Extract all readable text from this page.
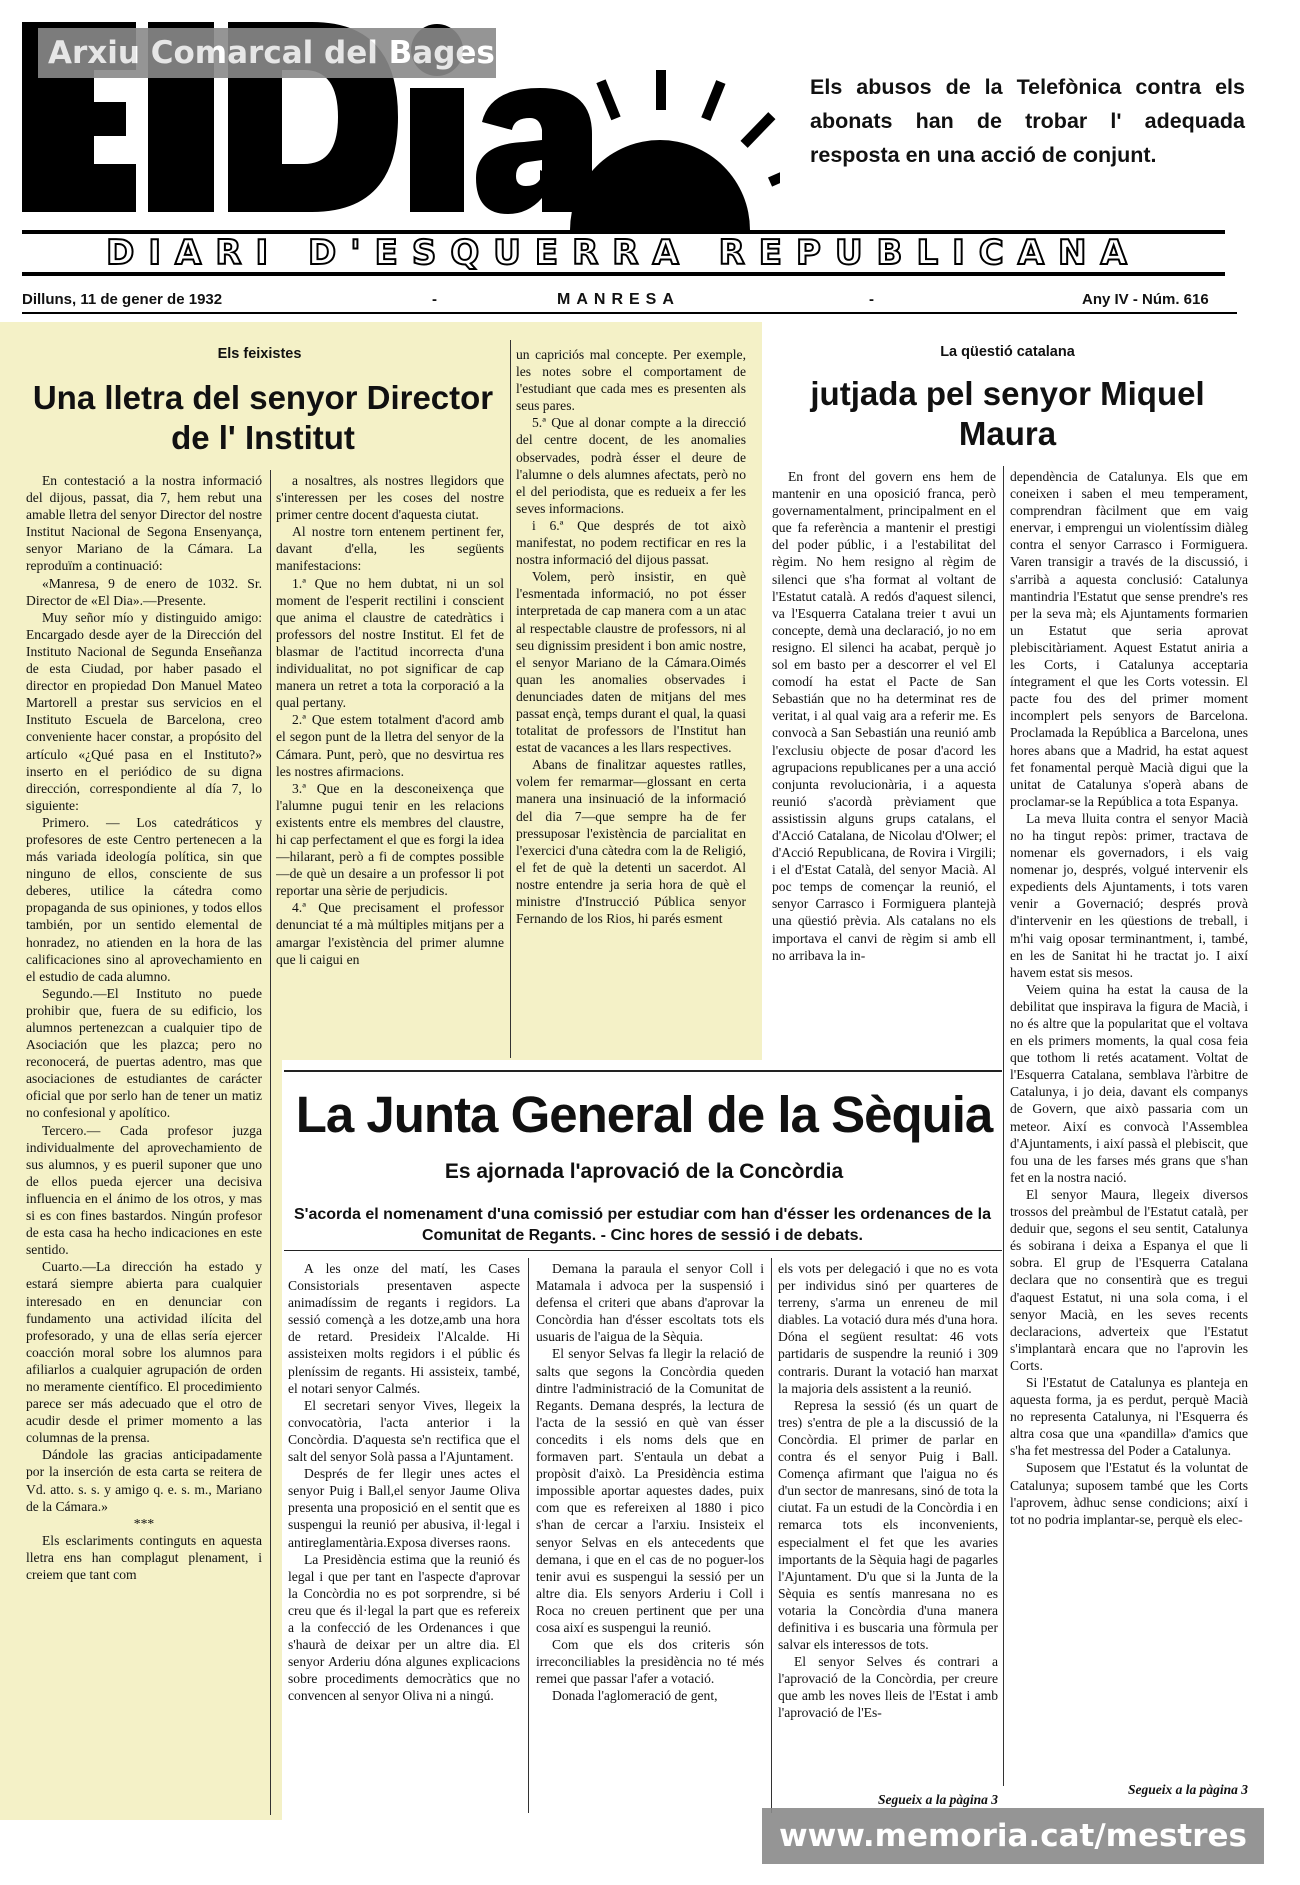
Els abusos de la Telefònica contra els abonats han de trobar l' adequada resposta en una acció de conjunt.
DIARI D'ESQUERRA REPUBLICANA
Dilluns, 11 de gener de 1932	-	MANRESA	-	Any IV - Núm. 616
Els feixistes
Una lletra del senyor Director de l' Institut

En contestació a la nostra informació del dijous, passat, dia 7, hem rebut una amable lletra del senyor Director del nostre Institut Nacional de Segona Ensenyança, senyor Mariano de la Cámara. La reproduïm a continuació:

«Manresa, 9 de enero de 1032. Sr. Director de «El Dia».—Presente.

Muy señor mío y distinguido amigo: Encargado desde ayer de la Dirección del Instituto Nacional de Segunda Enseñanza de esta Ciudad, por haber pasado el director en propiedad Don Manuel Mateo Martorell a prestar sus servicios en el Instituto Escuela de Barcelona, creo conveniente hacer constar, a propósito del artículo «¿Qué pasa en el Instituto?» inserto en el periódico de su digna dirección, correspondiente al día 7, lo siguiente:

Primero. — Los catedráticos y profesores de este Centro pertenecen a la más variada ideología política, sin que ninguno de ellos, consciente de sus deberes, utilice la cátedra como propaganda de sus opiniones, y todos ellos también, por un sentido elemental de honradez, no atienden en la hora de las calificaciones sino al aprovechamiento en el estudio de cada alumno.

Segundo.—El Instituto no puede prohibir que, fuera de su edificio, los alumnos pertenezcan a cualquier tipo de Asociación que les plazca; pero no reconocerá, de puertas adentro, mas que asociaciones de estudiantes de carácter oficial que por serlo han de tener un matiz no confesional y apolítico.

Tercero.— Cada profesor juzga individualmente del aprovechamiento de sus alumnos, y es pueril suponer que uno de ellos pueda ejercer una decisiva influencia en el ánimo de los otros, y mas si es con fines bastardos. Ningún profesor de esta casa ha hecho indicaciones en este sentido.

Cuarto.—La dirección ha estado y estará siempre abierta para cualquier interesado en en denunciar con fundamento una actividad ilícita del profesorado, y una de ellas sería ejercer coacción moral sobre los alumnos para afiliarlos a cualquier agrupación de orden no meramente científico. El procedimiento parece ser más adecuado que el otro de acudir desde el primer momento a las columnas de la prensa.

Dándole las gracias anticipadamente por la inserción de esta carta se reitera de Vd. atto. s. s. y amigo q. e. s. m., Mariano de la Cámara.»

***

Els esclariments continguts en aquesta lletra ens han complagut plenament, i creiem que tant com

a nosaltres, als nostres llegidors que s'interessen per les coses del nostre primer centre docent d'aquesta ciutat.

Al nostre torn entenem pertinent fer, davant d'ella, les següents manifestacions:

1.ª Que no hem dubtat, ni un sol moment de l'esperit rectilini i conscient que anima el claustre de catedràtics i professors del nostre Institut. El fet de blasmar de l'actitud incorrecta d'una individualitat, no pot significar de cap manera un retret a tota la corporació a la qual pertany.

2.ª Que estem totalment d'acord amb el segon punt de la lletra del senyor de la Cámara. Punt, però, que no desvirtua res les nostres afirmacions.

3.ª Que en la desconeixença que l'alumne pugui tenir en les relacions existents entre els membres del claustre, hi cap perfectament el que es forgi la idea—hilarant, però a fi de comptes possible—de què un desaire a un professor li pot reportar una sèrie de perjudicis.

4.ª Que precisament el professor denunciat té a mà múltiples mitjans per a amargar l'existència del primer alumne que li caigui en

un capriciós mal concepte. Per exemple, les notes sobre el comportament de l'estudiant que cada mes es presenten als seus pares.

5.ª Que al donar compte a la direcció del centre docent, de les anomalies observades, podrà ésser el deure de l'alumne o dels alumnes afectats, però no el del periodista, que es redueix a fer les seves informacions.

i 6.ª Que després de tot això manifestat, no podem rectificar en res la nostra informació del dijous passat.

Volem, però insistir, en què l'esmentada informació, no pot ésser interpretada de cap manera com a un atac al respectable claustre de professors, ni al seu dignissim president i bon amic nostre, el senyor Mariano de la Cámara.Oimés quan les anomalies observades i denunciades daten de mitjans del mes passat ençà, temps durant el qual, la quasi totalitat de professors de l'Institut han estat de vacances a les llars respectives.

Abans de finalitzar aquestes ratlles, volem fer remarmar—glossant en certa manera una insinuació de la informació del dia 7—que sempre ha de fer pressuposar l'existència de parcialitat en l'exercici d'una càtedra com la de Religió, el fet de què la detenti un sacerdot. Al nostre entendre ja seria hora de què el ministre d'Instrucció Pública senyor Fernando de los Rios, hi parés esment

La qüestió catalana
jutjada pel senyor Miquel Maura

En front del govern ens hem de mantenir en una oposició franca, però governamentalment, principalment en el que fa referència a mantenir el prestigi del poder públic, i a l'estabilitat del règim. No hem resigno al règim de silenci que s'ha format al voltant de l'Estatut català. A redós d'aquest silenci, va l'Esquerra Catalana treier t avui un concepte, demà una declaració, jo no em resigno. El silenci ha acabat, perquè jo sol em basto per a descorrer el vel El comodí ha estat el Pacte de San Sebastián que no ha determinat res de veritat, i al qual vaig ara a referir me. Es convocà a San Sebastián una reunió amb l'exclusiu objecte de posar d'acord les agrupacions republicanes per a una acció conjunta revolucionària, i a aquesta reunió s'acordà prèviament que assistissin alguns grups catalans, el d'Acció Catalana, de Nicolau d'Olwer; el d'Acció Republicana, de Rovira i Virgili; i el d'Estat Català, del senyor Macià. Al poc temps de començar la reunió, el senyor Carrasco i Formiguera plantejà una qüestió prèvia. Als catalans no els importava el canvi de règim si amb ell no arribava la in-

dependència de Catalunya. Els que em coneixen i saben el meu temperament, comprendran fàcilment que em vaig enervar, i emprengui un violentíssim diàleg contra el senyor Carrasco i Formiguera. Varen transigir a través de la discussió, i s'arribà a aquesta conclusió: Catalunya mantindria l'Estatut que sense prendre's res per la seva mà; els Ajuntaments formarien un Estatut que seria aprovat plebiscitàriament. Aquest Estatut aniria a les Corts, i Catalunya acceptaria íntegrament el que les Corts votessin. El pacte fou des del primer moment incomplert pels senyors de Barcelona. Proclamada la República a Barcelona, unes hores abans que a Madrid, ha estat aquest fet fonamental perquè Macià digui que la unitat de Catalunya s'operà abans de proclamar-se la República a tota Espanya.

La meva lluita contra el senyor Macià no ha tingut repòs: primer, tractava de nomenar els governadors, i els vaig nomenar jo, després, volgué intervenir els expedients dels Ajuntaments, i tots varen venir a Governació; després provà d'intervenir en les qüestions de treball, i m'hi vaig oposar terminantment, i, també, en les de Sanitat hi he tractat jo. I així havem estat sis mesos.

Veiem quina ha estat la causa de la debilitat que inspirava la figura de Macià, i no és altre que la popularitat que el voltava en els primers moments, la qual cosa feia que tothom li retés acatament. Voltat de l'Esquerra Catalana, semblava l'àrbitre de Catalunya, i jo deia, davant els companys de Govern, que això passaria com un meteor. Així es convocà l'Assemblea d'Ajuntaments, i així passà el plebiscit, que fou una de les farses més grans que s'han fet en la nostra nació.

El senyor Maura, llegeix diversos trossos del preàmbul de l'Estatut català, per deduir que, segons el seu sentit, Catalunya és sobirana i deixa a Espanya el que li sobra. El grup de l'Esquerra Catalana declara que no consentirà que es tregui d'aquest Estatut, ni una sola coma, i el senyor Macià, en les seves recents declaracions, adverteix que l'Estatut s'implantarà encara que no l'aprovin les Corts.

Si l'Estatut de Catalunya es planteja en aquesta forma, ja es perdut, perquè Macià no representa Catalunya, ni l'Esquerra és altra cosa que una «pandilla» d'amics que s'ha fet mestressa del Poder a Catalunya.

Suposem que l'Estatut és la voluntat de Catalunya; suposem també que les Corts l'aprovem, àdhuc sense condicions; així i tot no podria implantar-se, perquè els elec-

Segueix a la pàgina 3
La Junta General de la Sèquia
Es ajornada l'aprovació de la Concòrdia
S'acorda el nomenament d'una comissió per estudiar com han d'ésser les ordenances de la Comunitat de Regants. - Cinc hores de sessió i de debats.

A les onze del matí, les Cases Consistorials presentaven aspecte animadíssim de regants i regidors. La sessió començà a les dotze,amb una hora de retard. Presideix l'Alcalde. Hi assisteixen molts regidors i el públic és pleníssim de regants. Hi assisteix, també, el notari senyor Calmés.

El secretari senyor Vives, llegeix la convocatòria, l'acta anterior i la Concòrdia. D'aquesta se'n rectifica que el salt del senyor Solà passa a l'Ajuntament.

Després de fer llegir unes actes el senyor Puig i Ball,el senyor Jaume Oliva presenta una proposició en el sentit que es suspengui la reunió per abusiva, il·legal i antireglamentària.Exposa diverses raons.

La Presidència estima que la reunió és legal i que per tant en l'aspecte d'aprovar la Concòrdia no es pot sorprendre, si bé creu que és il·legal la part que es refereix a la confecció de les Ordenances i que s'haurà de deixar per un altre dia. El senyor Arderiu dóna algunes explicacions sobre procediments democràtics que no convencen al senyor Oliva ni a ningú.

Demana la paraula el senyor Coll i Matamala i advoca per la suspensió i defensa el criteri que abans d'aprovar la Concòrdia han d'ésser escoltats tots els usuaris de l'aigua de la Sèquia.

El senyor Selvas fa llegir la relació de salts que segons la Concòrdia queden dintre l'administració de la Comunitat de Regants. Demana després, la lectura de l'acta de la sessió en què van ésser concedits i els noms dels que en formaven part. S'entaula un debat a propòsit d'això. La Presidència estima impossible aportar aquestes dades, puix com que es refereixen al 1880 i pico s'han de cercar a l'arxiu. Insisteix el senyor Selvas en els antecedents que demana, i que en el cas de no poguer-los tenir avui es suspengui la sessió per un altre dia. Els senyors Arderiu i Coll i Roca no creuen pertinent que per una cosa així es suspengui la reunió.

Com que els dos criteris són irreconciliables la presidència no té més remei que passar l'afer a votació.

Donada l'aglomeració de gent,

els vots per delegació i que no es vota per individus sinó per quarteres de terreny, s'arma un enreneu de mil diables. La votació dura més d'una hora. Dóna el següent resultat: 46 vots partidaris de suspendre la reunió i 309 contraris. Durant la votació han marxat la majoria dels assistent a la reunió.

Represa la sessió (és un quart de tres) s'entra de ple a la discussió de la Concòrdia. El primer de parlar en contra és el senyor Puig i Ball. Comença afirmant que l'aigua no és d'un sector de manresans, sinó de tota la ciutat. Fa un estudi de la Concòrdia i en remarca tots els inconvenients, especialment el fet que les avaries importants de la Sèquia hagi de pagarles l'Ajuntament. D'u que si la Junta de la Sèquia es sentís manresana no es votaria la Concòrdia d'una manera definitiva i es buscaria una fòrmula per salvar els interessos de tots.

El senyor Selves és contrari a l'aprovació de la Concòrdia, per creure que amb les noves lleis de l'Estat i amb l'aprovació de l'Es-

Segueix a la pàgina 3
Arxiu Comarcal del Bages
www.memoria.cat/mestres
